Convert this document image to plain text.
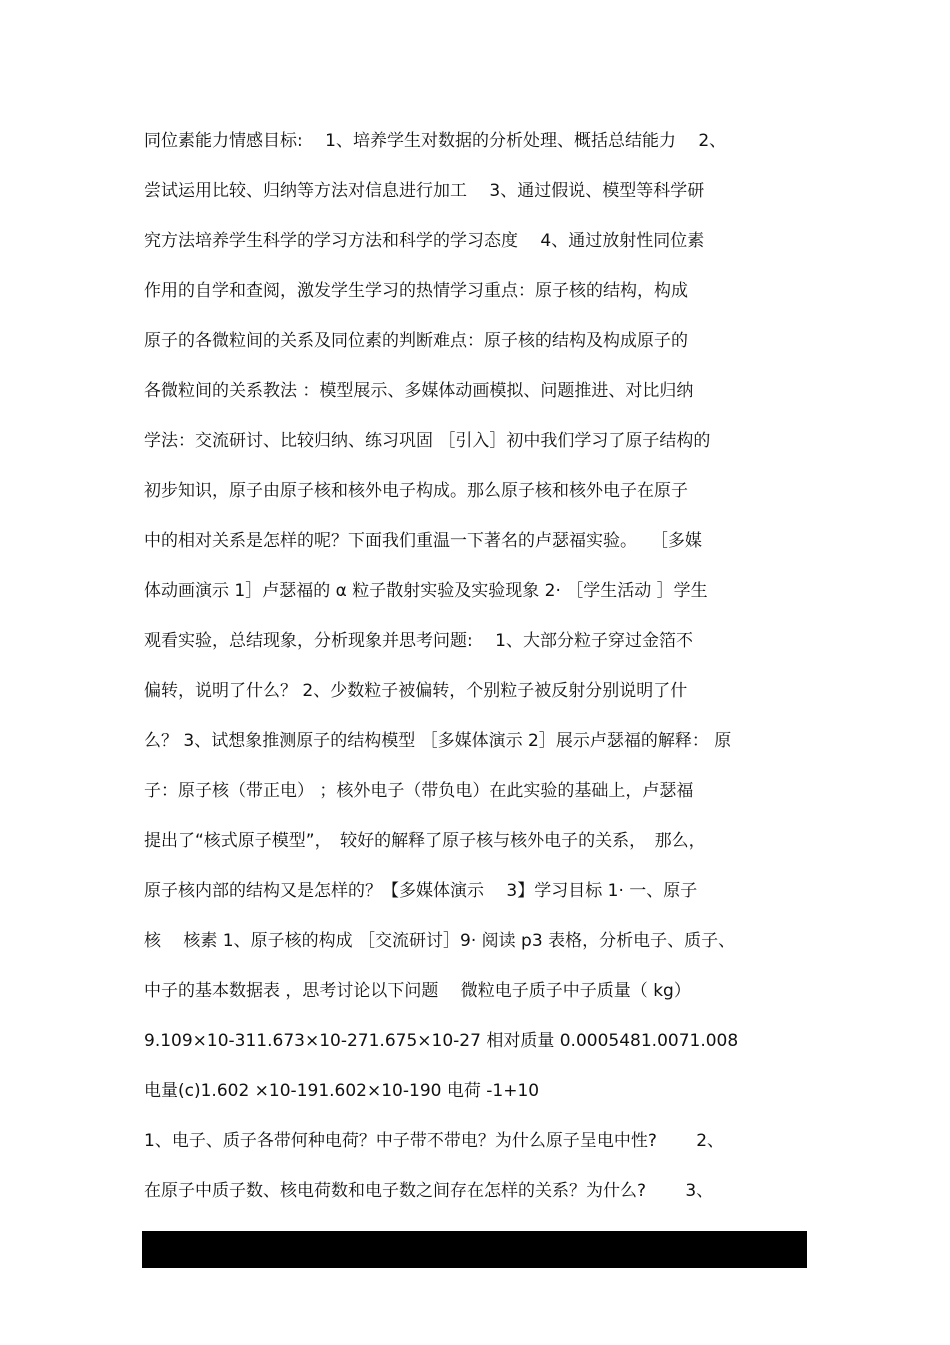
同位素能力情感目标:　 1、培养学生对数据的分析处理、概括总结能力　 2、
尝试运用比较、归纳等方法对信息进行加工　 3、通过假说、模型等科学研
究方法培养学生科学的学习方法和科学的学习态度　 4、通过放射性同位素
作用的自学和查阅，激发学生学习的热情学习重点：原子核的结构，构成
原子的各微粒间的关系及同位素的判断难点：原子核的结构及构成原子的
各微粒间的关系教法 ：模型展示、多媒体动画模拟、问题推进、对比归纳
学法：交流研讨、比较归纳、练习巩固 ［引入］初中我们学习了原子结构的
初步知识，原子由原子核和核外电子构成。那么原子核和核外电子在原子
中的相对关系是怎样的呢？下面我们重温一下著名的卢瑟福实验。　 ［多媒
体动画演示 1］卢瑟福的 α 粒子散射实验及实验现象 2· ［学生活动 ］学生
观看实验，总结现象，分析现象并思考问题:　 1、大部分粒子穿过金箔不
偏转，说明了什么？ 2、少数粒子被偏转，个别粒子被反射分别说明了什
么？ 3、试想象推测原子的结构模型 ［多媒体演示 2］展示卢瑟福的解释： 原
子：原子核（带正电） ；核外电子（带负电）在此实验的基础上，卢瑟福
提出了“核式原子模型”，　较好的解释了原子核与核外电子的关系，　那么，
原子核内部的结构又是怎样的？【多媒体演示　 3】学习目标 1· 一、原子
核　 核素 1、原子核的构成 ［交流研讨］9· 阅读 p3 表格，分析电子、质子、
中子的基本数据表 ，思考讨论以下问题　 微粒电子质子中子质量（ kg）
9.109×10-311.673×10-271.675×10-27 相对质量 0.0005481.0071.008
电量(c)1.602 ×10-191.602×10-190 电荷 -1+10
1、电子、质子各带何种电荷？中子带不带电？为什么原子呈电中性?　　 2、
在原子中质子数、核电荷数和电子数之间存在怎样的关系？为什么?　　 3、
